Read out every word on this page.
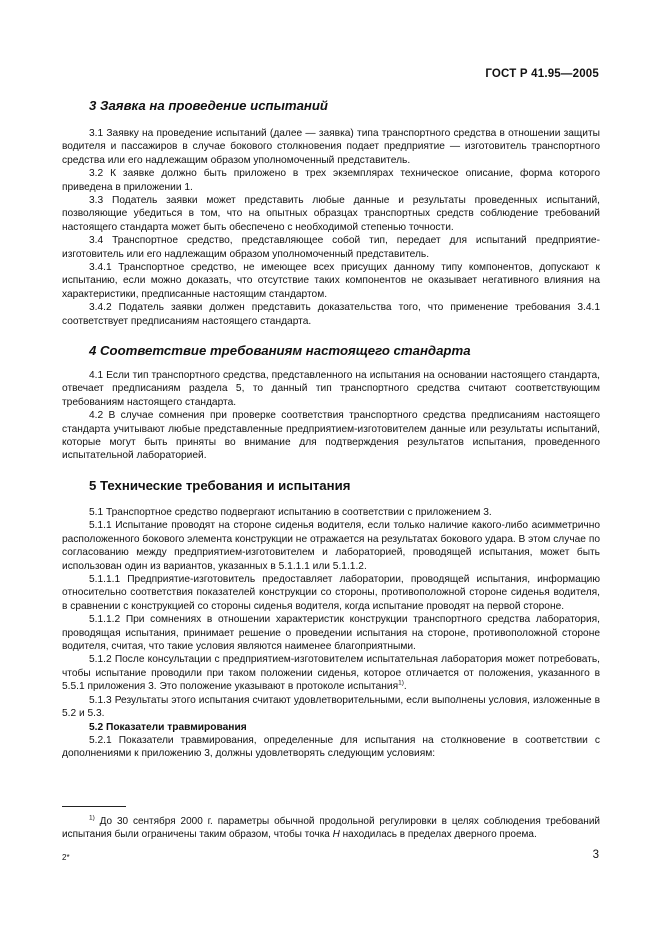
ГОСТ Р 41.95—2005
3 Заявка на проведение испытаний

3.1 Заявку на проведение испытаний (далее — заявка) типа транспортного средства в отношении защиты водителя и пассажиров в случае бокового столкновения подает предприятие — изготовитель транспортного средства или его надлежащим образом уполномоченный представитель.

3.2 К заявке должно быть приложено в трех экземплярах техническое описание, форма которого приведена в приложении 1.

3.3 Податель заявки может представить любые данные и результаты проведенных испытаний, позволяющие убедиться в том, что на опытных образцах транспортных средств соблюдение требований настоящего стандарта может быть обеспечено с необходимой степенью точности.

3.4 Транспортное средство, представляющее собой тип, передает для испытаний предприятие-изготовитель или его надлежащим образом уполномоченный представитель.

3.4.1 Транспортное средство, не имеющее всех присущих данному типу компонентов, допускают к испытанию, если можно доказать, что отсутствие таких компонентов не оказывает негативного влияния на характеристики, предписанные настоящим стандартом.

3.4.2 Податель заявки должен представить доказательства того, что применение требования 3.4.1 соответствует предписаниям настоящего стандарта.

4 Соответствие требованиям настоящего стандарта

4.1 Если тип транспортного средства, представленного на испытания на основании настоящего стандарта, отвечает предписаниям раздела 5, то данный тип транспортного средства считают соответствующим требованиям настоящего стандарта.

4.2 В случае сомнения при проверке соответствия транспортного средства предписаниям настоящего стандарта учитывают любые представленные предприятием-изготовителем данные или результаты испытаний, которые могут быть приняты во внимание для подтверждения результатов испытания, проведенного испытательной лабораторией.

5 Технические требования и испытания

5.1 Транспортное средство подвергают испытанию в соответствии с приложением 3.

5.1.1 Испытание проводят на стороне сиденья водителя, если только наличие какого-либо асимметрично расположенного бокового элемента конструкции не отражается на результатах бокового удара. В этом случае по согласованию между предприятием-изготовителем и лабораторией, проводящей испытания, может быть использован один из вариантов, указанных в 5.1.1.1 или 5.1.1.2.

5.1.1.1 Предприятие-изготовитель предоставляет лаборатории, проводящей испытания, информацию относительно соответствия показателей конструкции со стороны, противоположной стороне сиденья водителя, в сравнении с конструкцией со стороны сиденья водителя, когда испытание проводят на первой стороне.

5.1.1.2 При сомнениях в отношении характеристик конструкции транспортного средства лаборатория, проводящая испытания, принимает решение о проведении испытания на стороне, противоположной стороне водителя, считая, что такие условия являются наименее благоприятными.

5.1.2 После консультации с предприятием-изготовителем испытательная лаборатория может потребовать, чтобы испытание проводили при таком положении сиденья, которое отличается от положения, указанного в 5.5.1 приложения 3. Это положение указывают в протоколе испытания$^{1)}$.

5.1.3 Результаты этого испытания считают удовлетворительными, если выполнены условия, изложенные в 5.2 и 5.3.

5.2 Показатели травмирования

5.2.1 Показатели травмирования, определенные для испытания на столкновение в соответствии с дополнениями к приложению 3, должны удовлетворять следующим условиям:

$^{1)}$ До 30 сентября 2000 г. параметры обычной продольной регулировки в целях соблюдения требований испытания были ограничены таким образом, чтобы точка H находилась в пределах дверного проема.

2*	3
